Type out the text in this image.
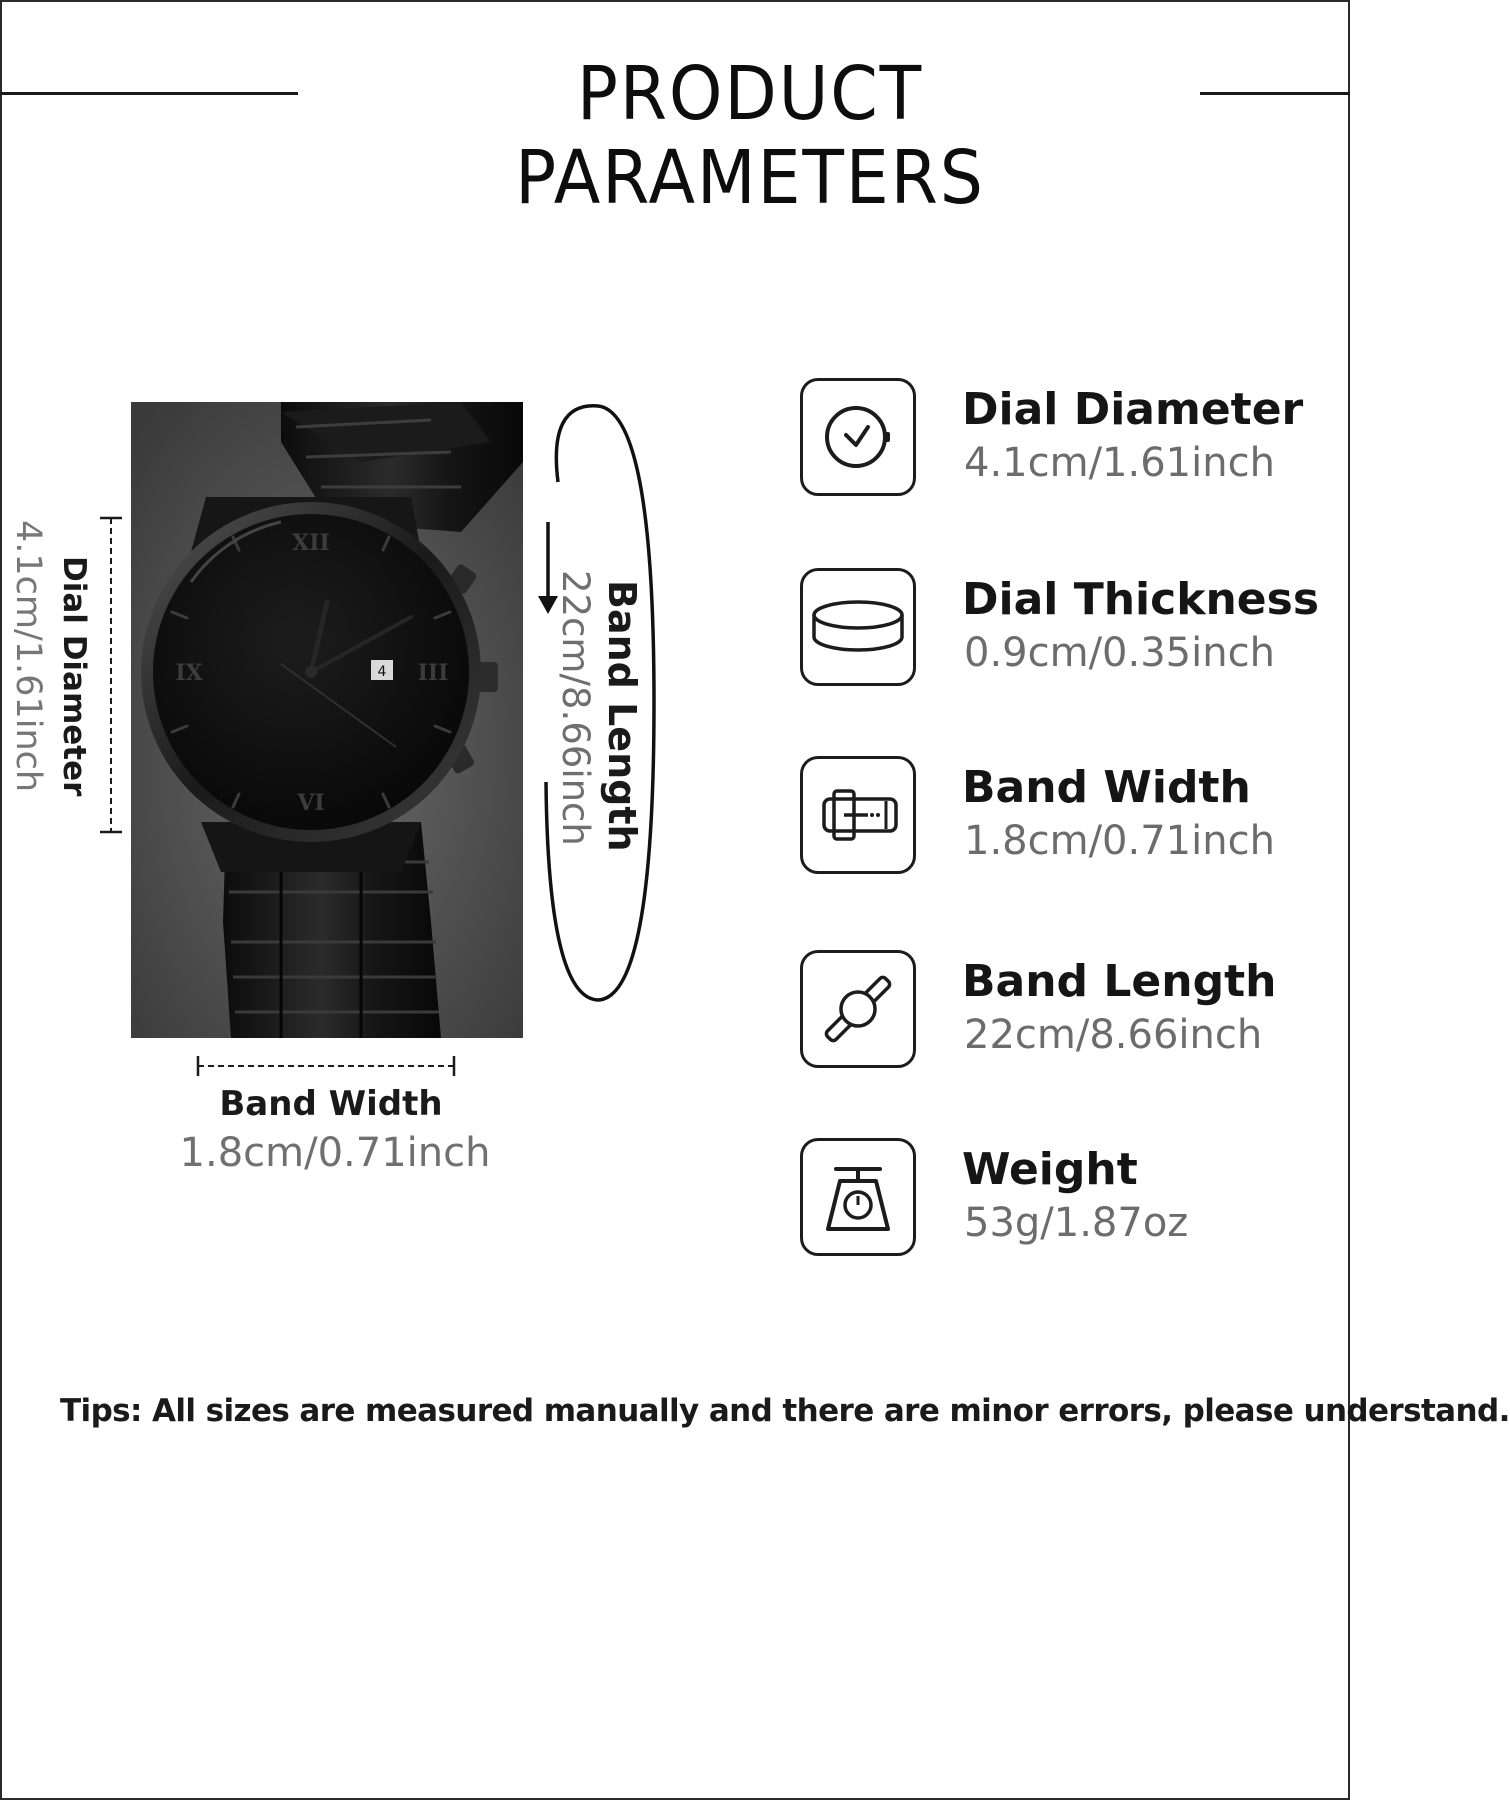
PRODUCT PARAMETERS
XII
VI
IX	III
4
Dial Diameter
4.1cm/1.61inch	Band Length
22cm/8.66inch
Band Width
1.8cm/0.71inch
Dial Diameter
4.1cm/1.61inch
Dial Thickness
0.9cm/0.35inch
Band Width
1.8cm/0.71inch
Band Length
22cm/8.66inch
Weight
53g/1.87oz
Tips: All sizes are measured manually and there are minor errors, please understand.
